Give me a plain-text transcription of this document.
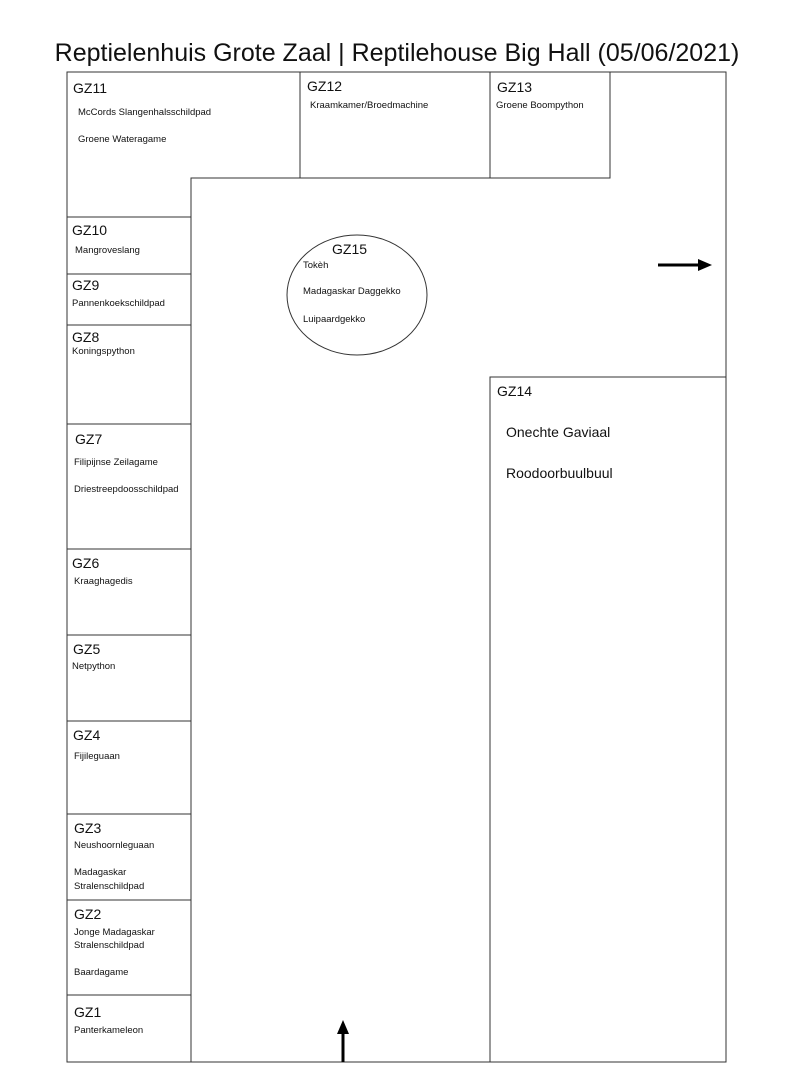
Reptielenhuis Grote Zaal | Reptilehouse Big Hall (05/06/2021)
GZ11
McCords Slangenhalsschildpad
Groene Wateragame
GZ12
Kraamkamer/Broedmachine
GZ13
Groene Boompython
GZ10
Mangroveslang
GZ9
Pannenkoekschildpad
GZ8
Koningspython
GZ7
Filipijnse Zeilagame
Driestreepdoosschildpad
GZ6
Kraaghagedis
GZ5
Netpython
GZ4
Fijileguaan
GZ3
Neushoornleguaan
Madagaskar
Stralenschildpad
GZ2
Jonge Madagaskar
Stralenschildpad
Baardagame
GZ1
Panterkameleon
GZ15
Tokèh
Madagaskar Daggekko
Luipaardgekko
GZ14
Onechte Gaviaal
Roodoorbuulbuul
